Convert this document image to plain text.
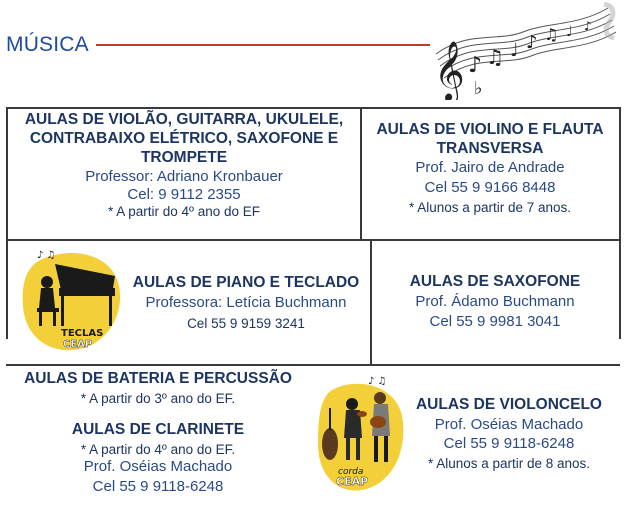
MÚSICA	𝄞 ♪ ♫ ♩ ♪ ♫ ♩ ♪
♭
AULAS DE VIOLÃO, GUITARRA, UKULELE,
CONTRABAIXO ELÉTRICO, SAXOFONE E
TROMPETE
Professor: Adriano Kronbauer
Cel: 9 9112 2355
* A partir do 4º ano do EF
AULAS DE VIOLINO E FLAUTA
TRANSVERSA
Prof. Jairo de Andrade
Cel 55 9 9166 8448
* Alunos a partir de 7 anos.
♪ ♫
TECLAS
CEAP
AULAS DE PIANO E TECLADO
Professora: Letícia Buchmann
Cel 55 9 9159 3241
AULAS DE SAXOFONE
Prof. Ádamo Buchmann
Cel 55 9 9981 3041
AULAS DE BATERIA E PERCUSSÃO
* A partir do 3º ano do EF.
AULAS DE CLARINETE
* A partir do 4º ano do EF.
Prof. Oséias Machado
Cel 55 9 9118-6248
♪ ♫
corda
CEAP
AULAS DE VIOLONCELO
Prof. Oséias Machado
Cel 55 9 9118-6248
* Alunos a partir de 8 anos.
